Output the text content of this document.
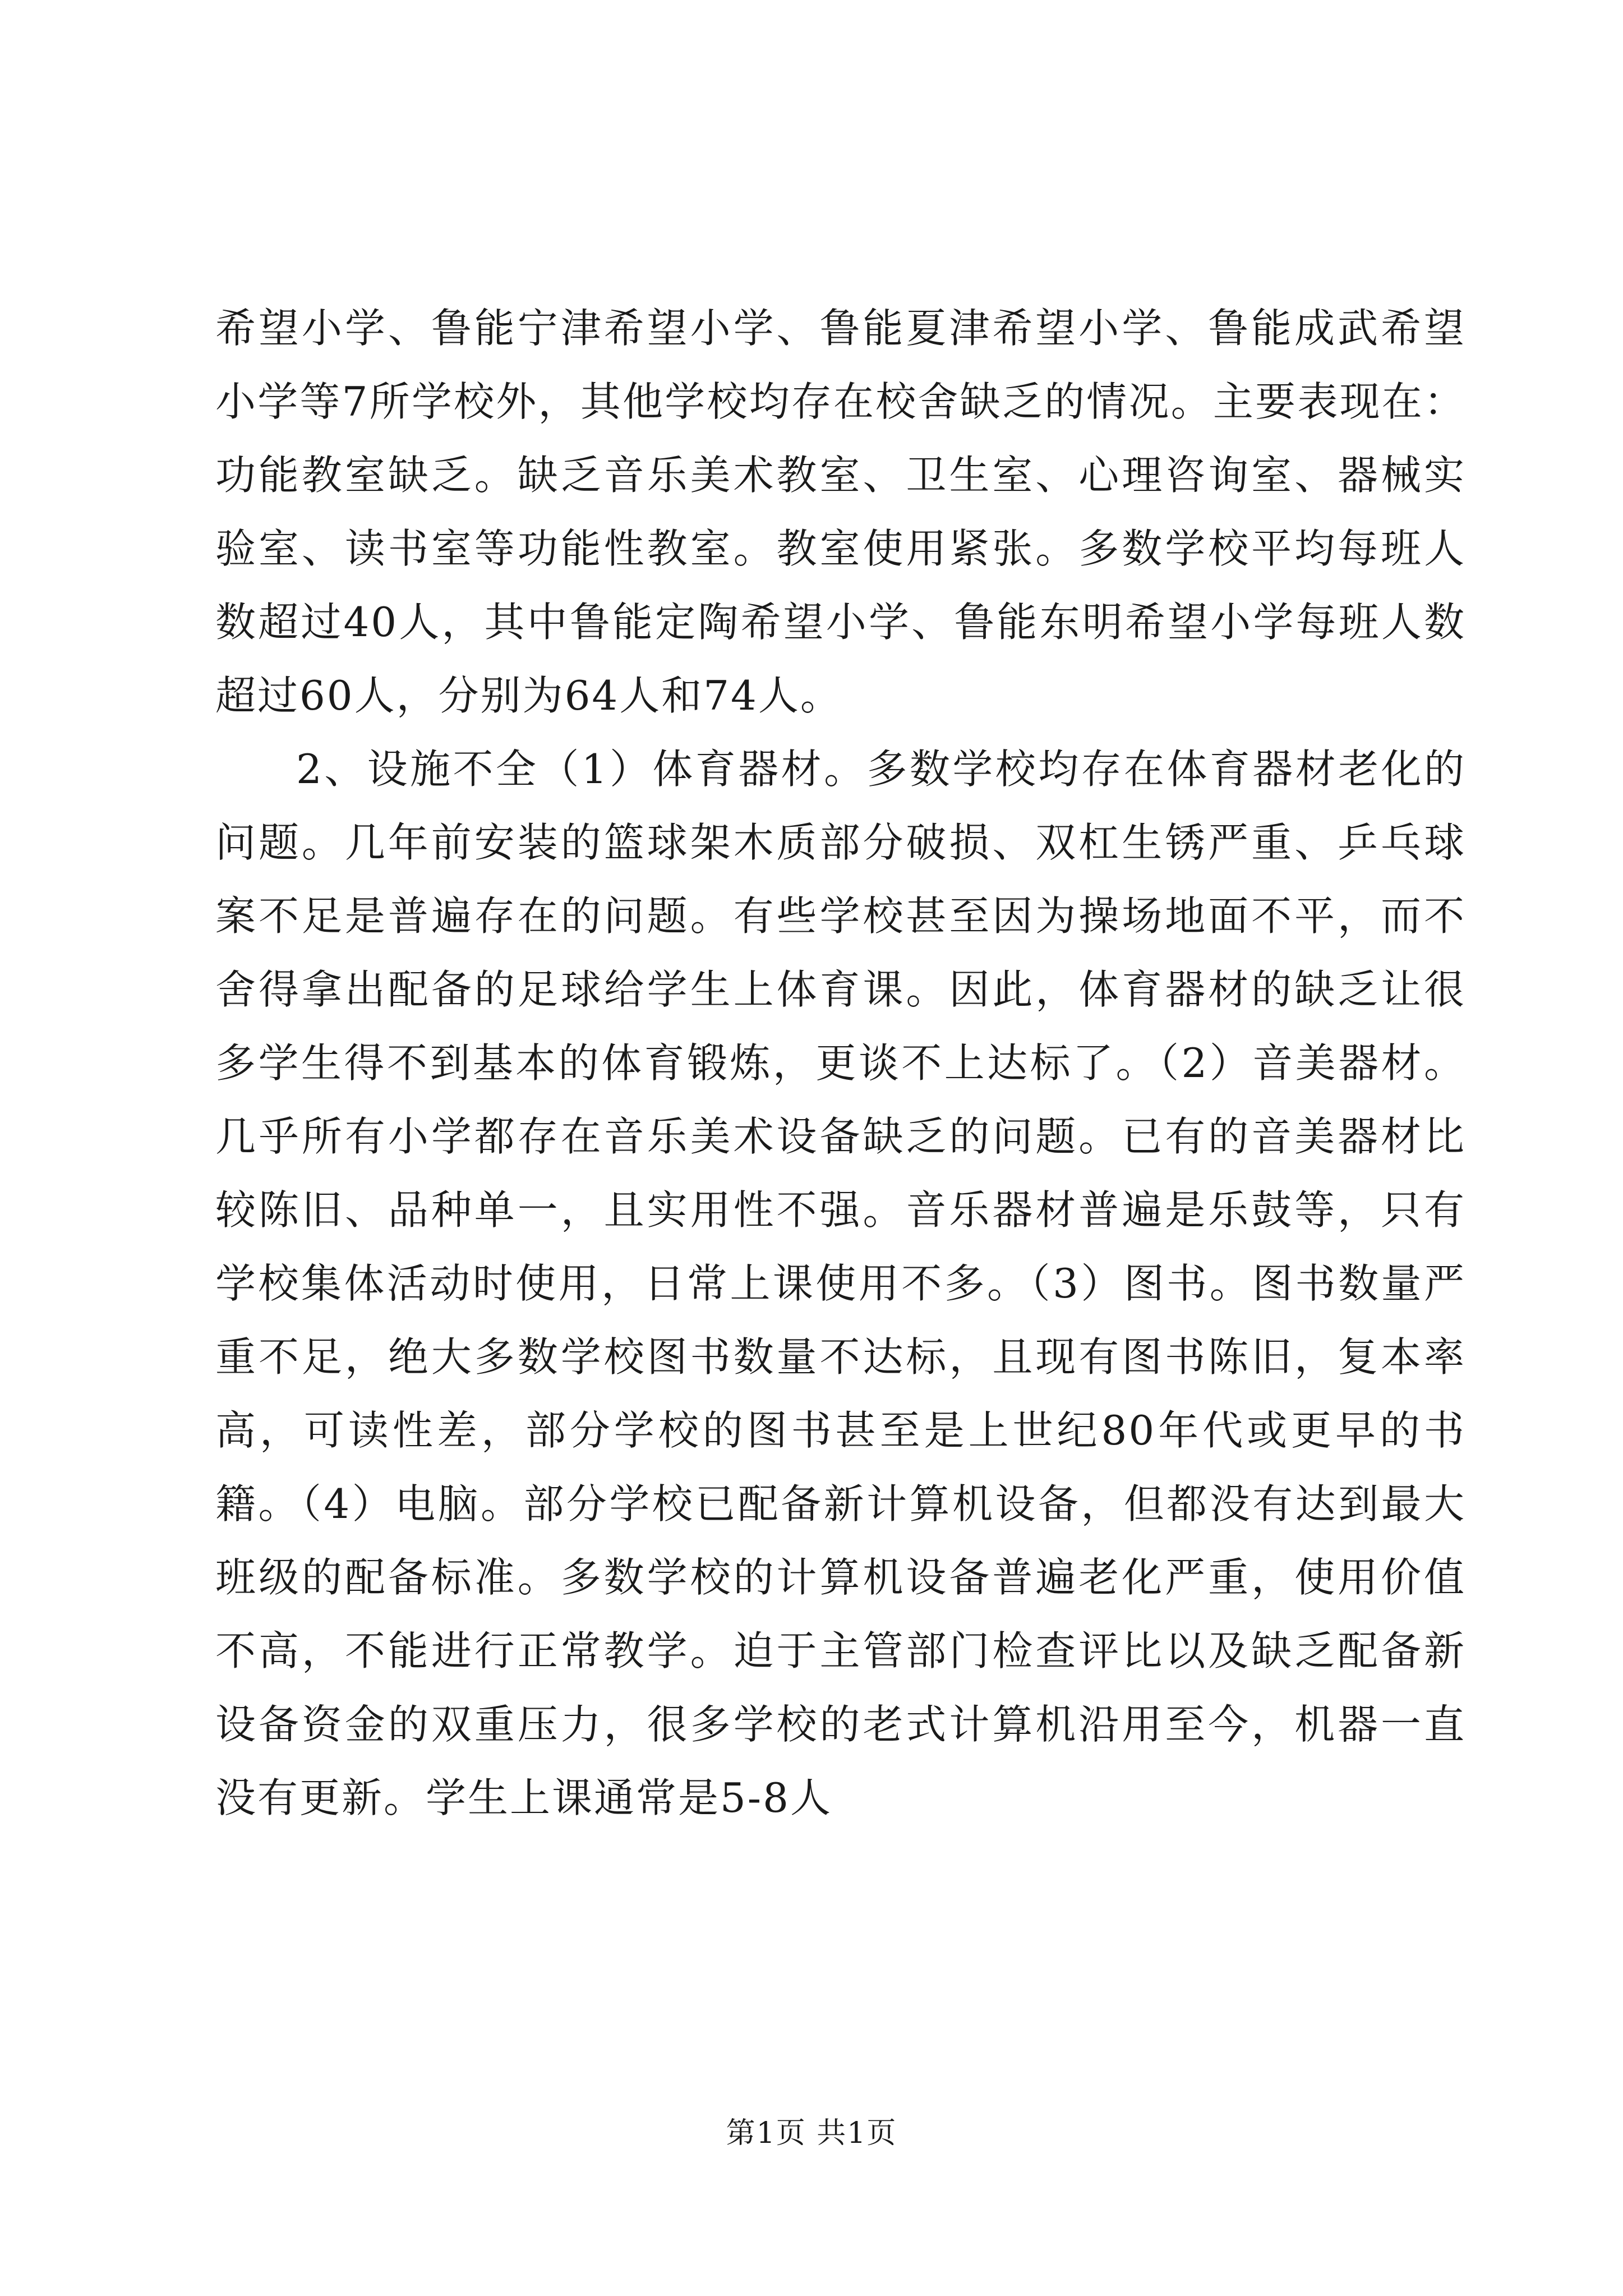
希望小学、鲁能宁津希望小学、鲁能夏津希望小学、鲁能成武希望小学等7所学校外，其他学校均存在校舍缺乏的情况。主要表现在：功能教室缺乏。缺乏音乐美术教室、卫生室、心理咨询室、器械实验室、读书室等功能性教室。教室使用紧张。多数学校平均每班人数超过40人，其中鲁能定陶希望小学、鲁能东明希望小学每班人数超过60人，分别为64人和74人。

2、设施不全（1）体育器材。多数学校均存在体育器材老化的问题。几年前安装的篮球架木质部分破损、双杠生锈严重、乒乓球案不足是普遍存在的问题。有些学校甚至因为操场地面不平，而不舍得拿出配备的足球给学生上体育课。因此，体育器材的缺乏让很多学生得不到基本的体育锻炼，更谈不上达标了。（2）音美器材。几乎所有小学都存在音乐美术设备缺乏的问题。已有的音美器材比较陈旧、品种单一，且实用性不强。音乐器材普遍是乐鼓等，只有学校集体活动时使用，日常上课使用不多。（3）图书。图书数量严重不足，绝大多数学校图书数量不达标，且现有图书陈旧，复本率高，可读性差，部分学校的图书甚至是上世纪80年代或更早的书籍。（4）电脑。部分学校已配备新计算机设备，但都没有达到最大班级的配备标准。多数学校的计算机设备普遍老化严重，使用价值不高，不能进行正常教学。迫于主管部门检查评比以及缺乏配备新设备资金的双重压力，很多学校的老式计算机沿用至今，机器一直没有更新。学生上课通常是5-8人

第1页 共1页
